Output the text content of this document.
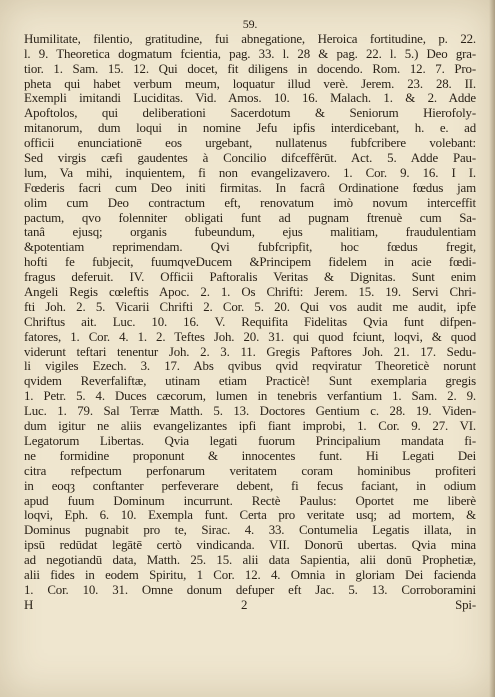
59.
Humilitate, filentio, gratitudine, fui abnegatione, Heroica fortitudine, p. 22.
l. 9. Theoretica dogmatum fcientia, pag. 33. l. 28 & pag. 22. l. 5.) Deo gra-
tior. 1. Sam. 15. 12. Qui docet, fit diligens in docendo. Rom. 12. 7. Pro-
pheta qui habet verbum meum, loquatur illud verè. Jerem. 23. 28. II.
Exempli imitandi Luciditas. Vid. Amos. 10. 16. Malach. 1. & 2. Adde
Apoftolos, qui deliberationi Sacerdotum & Seniorum Hierofoly-
mitanorum, dum loqui in nomine Jefu ipfis interdicebant, h. e. ad
officii enunciationē eos urgebant, nullatenus fubfcribere volebant:
Sed virgis cæfi gaudentes à Concilio difceffêrūt. Act. 5. Adde Pau-
lum, Va mihi, inquientem, fi non evangelizavero. 1. Cor. 9. 16. I I.
Fœderis facri cum Deo initi firmitas. In facrâ Ordinatione fœdus jam
olim cum Deo contractum eft, renovatum imò novum interceffit
pactum, qvo folenniter obligati funt ad pugnam ftrenuè cum Sa-
tanâ ejusq; organis fubeundum, ejus malitiam, fraudulentiam
&potentiam reprimendam. Qvi fubfcripfit, hoc fœdus fregit,
hofti fe fubjecit, fuumqveDucem &Principem fidelem in acie fœdi-
fragus deferuit. IV. Officii Paftoralis Veritas & Dignitas. Sunt enim
Angeli Regis cœleftis Apoc. 2. 1. Os Chrifti: Jerem. 15. 19. Servi Chri-
fti Joh. 2. 5. Vicarii Chrifti 2. Cor. 5. 20. Qui vos audit me audit, ipfe
Chriftus ait. Luc. 10. 16. V. Requifita Fidelitas Qvia funt difpen-
fatores, 1. Cor. 4. 1. 2. Teftes Joh. 20. 31. qui quod fciunt, loqvi, & quod
viderunt teftari tenentur Joh. 2. 3. 11. Gregis Paftores Joh. 21. 17. Sedu-
li vigiles Ezech. 3. 17. Abs qvibus qvid reqviratur Theoreticè norunt
qvidem Reverfaliftæ, utinam etiam Practicè! Sunt exemplaria gregis
1. Petr. 5. 4. Duces cæcorum, lumen in tenebris verfantium 1. Sam. 2. 9.
Luc. 1. 79. Sal Terræ Matth. 5. 13. Doctores Gentium c. 28. 19. Viden-
dum igitur ne aliis evangelizantes ipfi fiant improbi, 1. Cor. 9. 27. VI.
Legatorum Libertas. Qvia legati fuorum Principalium mandata fi-
ne formidine proponunt & innocentes funt. Hi Legati Dei
citra refpectum perfonarum veritatem coram hominibus profiteri
in eoqȝ conftanter perfeverare debent, fi fecus faciant, in odium
apud fuum Dominum incurrunt. Rectè Paulus: Oportet me liberè
loqvi, Eph. 6. 10. Exempla funt. Certa pro veritate usq; ad mortem, &
Dominus pugnabit pro te, Sirac. 4. 33. Contumelia Legatis illata, in
ipsū redūdat legātē certò vindicanda. VII. Donorū ubertas. Qvia mina
ad negotiandū data, Matth. 25. 15. alii data Sapientia, alii donū Prophetiæ,
alii fides in eodem Spiritu, 1 Cor. 12. 4. Omnia in gloriam Dei facienda
1. Cor. 10. 31. Omne donum defuper eft Jac. 5. 13. Corroboramini
H 2	Spi-
